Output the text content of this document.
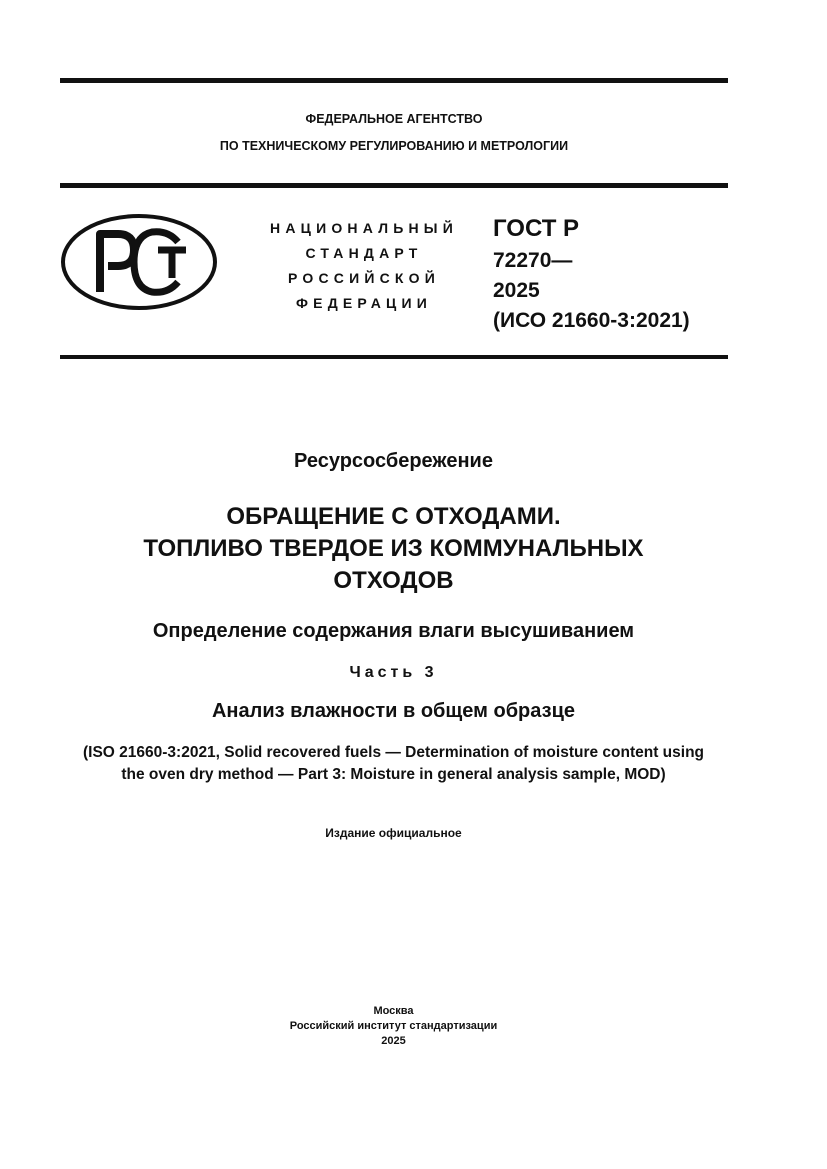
ФЕДЕРАЛЬНОЕ АГЕНТСТВО
ПО ТЕХНИЧЕСКОМУ РЕГУЛИРОВАНИЮ И МЕТРОЛОГИИ
НАЦИОНАЛЬНЫЙ
СТАНДАРТ
РОССИЙСКОЙ
ФЕДЕРАЦИИ
ГОСТ Р
72270—
2025
(ИСО 21660-3:2021)
Ресурсосбережение
ОБРАЩЕНИЕ С ОТХОДАМИ.
ТОПЛИВО ТВЕРДОЕ ИЗ КОММУНАЛЬНЫХ
ОТХОДОВ
Определение содержания влаги высушиванием
Часть 3
Анализ влажности в общем образце
(ISO 21660-3:2021, Solid recovered fuels — Determination of moisture content using
the oven dry method — Part 3: Moisture in general analysis sample, MOD)
Издание официальное
Москва
Российский институт стандартизации
2025
